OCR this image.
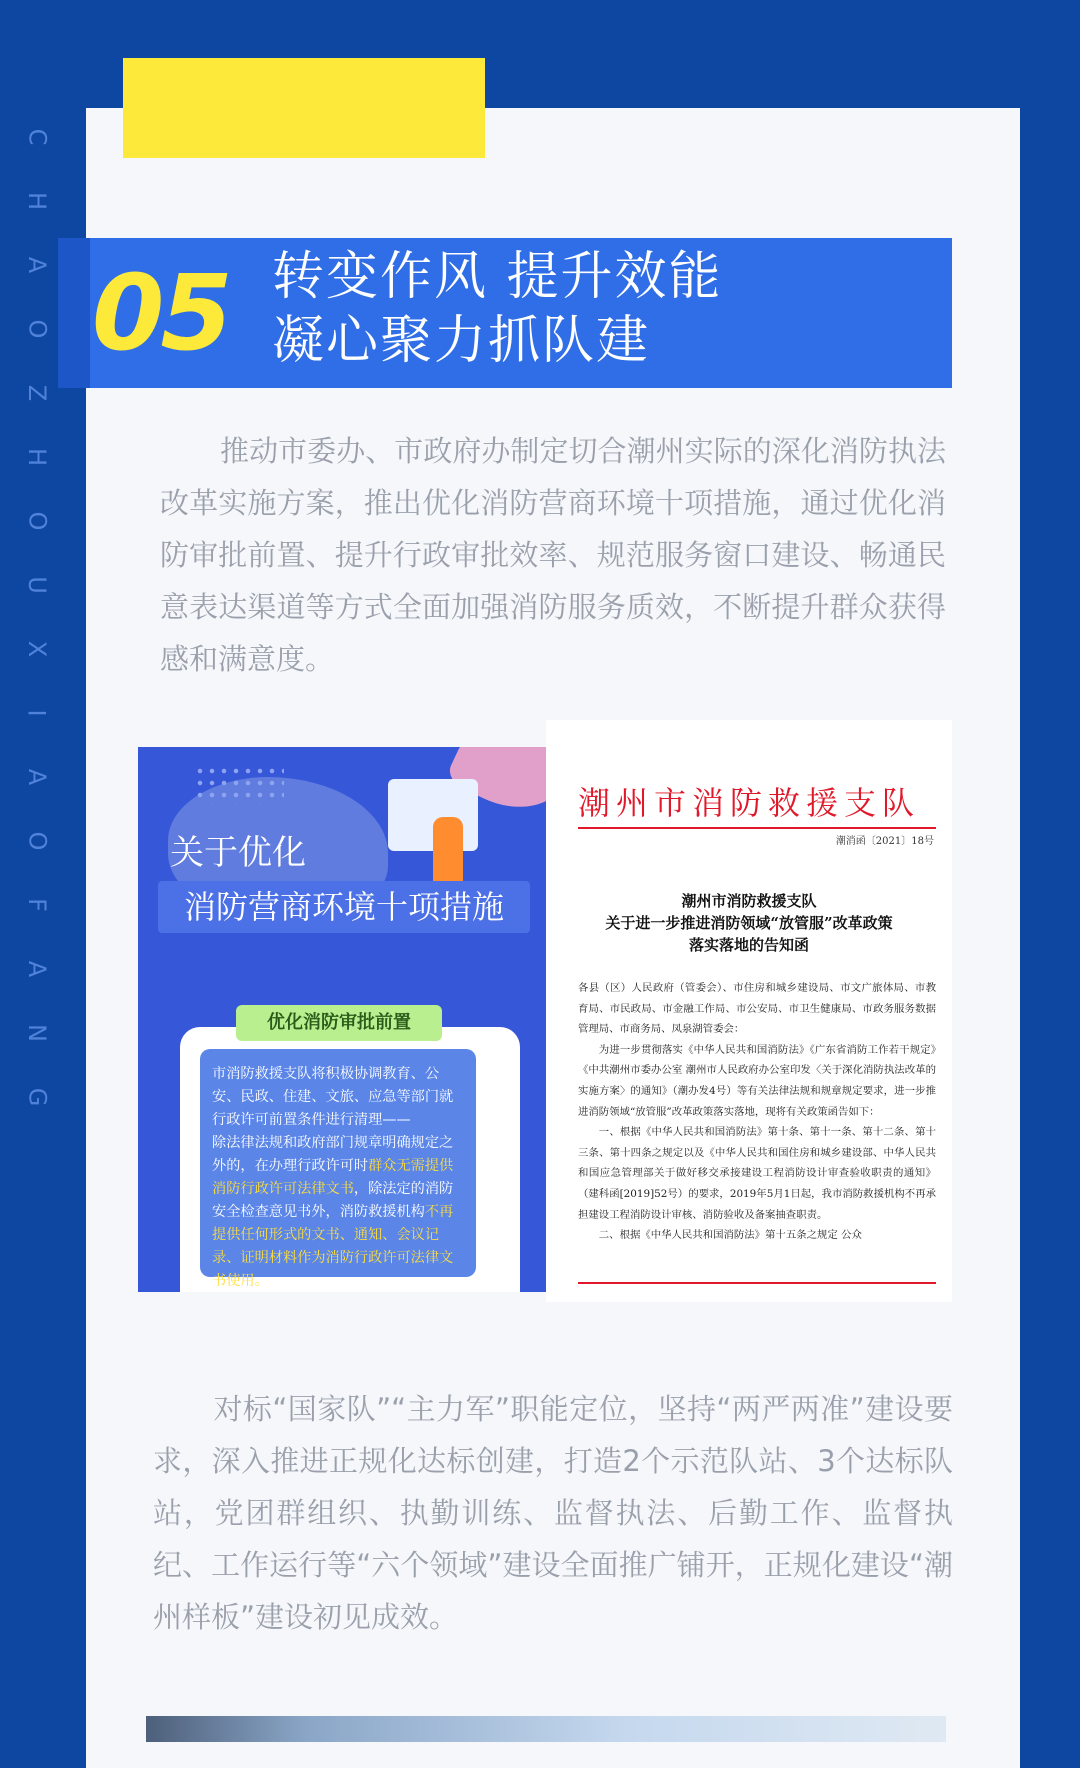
C
H
A
O
Z
H
O
U
X
I
A
O
F
A
N
G
05 转变作风 提升效能
凝心聚力抓队建

推动市委办、市政府办制定切合潮州实际的深化消防执法改革实施方案，推出优化消防营商环境十项措施，通过优化消防审批前置、提升行政审批效率、规范服务窗口建设、畅通民意表达渠道等方式全面加强消防服务质效，不断提升群众获得感和满意度。

关于优化
消防营商环境十项措施
优化消防审批前置
市消防救援支队将积极协调教育、公安、民政、住建、文旅、应急等部门就行政许可前置条件进行清理——
除法律法规和政府部门规章明确规定之外的，在办理行政许可时群众无需提供消防行政许可法律文书，除法定的消防安全检查意见书外，消防救援机构不再提供任何形式的文书、通知、会议记录、证明材料作为消防行政许可法律文书使用。
潮州市消防救援支队
潮消函〔2021〕18号
潮州市消防救援支队
关于进一步推进消防领域“放管服”改革政策
落实落地的告知函

各县（区）人民政府（管委会）、市住房和城乡建设局、市文广旅体局、市教育局、市民政局、市金融工作局、市公安局、市卫生健康局、市政务服务数据管理局、市商务局、凤泉湖管委会：

为进一步贯彻落实《中华人民共和国消防法》《广东省消防工作若干规定》《中共潮州市委办公室 潮州市人民政府办公室印发〈关于深化消防执法改革的实施方案〉的通知》（潮办发4号）等有关法律法规和规章规定要求，进一步推进消防领域“放管服”改革政策落实落地，现将有关政策函告如下：

一、根据《中华人民共和国消防法》第十条、第十一条、第十二条、第十三条、第十四条之规定以及《中华人民共和国住房和城乡建设部、中华人民共和国应急管理部关于做好移交承接建设工程消防设计审查验收职责的通知》（建科函[2019]52号）的要求，2019年5月1日起，我市消防救援机构不再承担建设工程消防设计审核、消防验收及备案抽查职责。

二、根据《中华人民共和国消防法》第十五条之规定 公众

对标“国家队”“主力军”职能定位，坚持“两严两准”建设要求，深入推进正规化达标创建，打造2个示范队站、3个达标队站，党团群组织、执勤训练、监督执法、后勤工作、监督执纪、工作运行等“六个领域”建设全面推广铺开，正规化建设“潮州样板”建设初见成效。
